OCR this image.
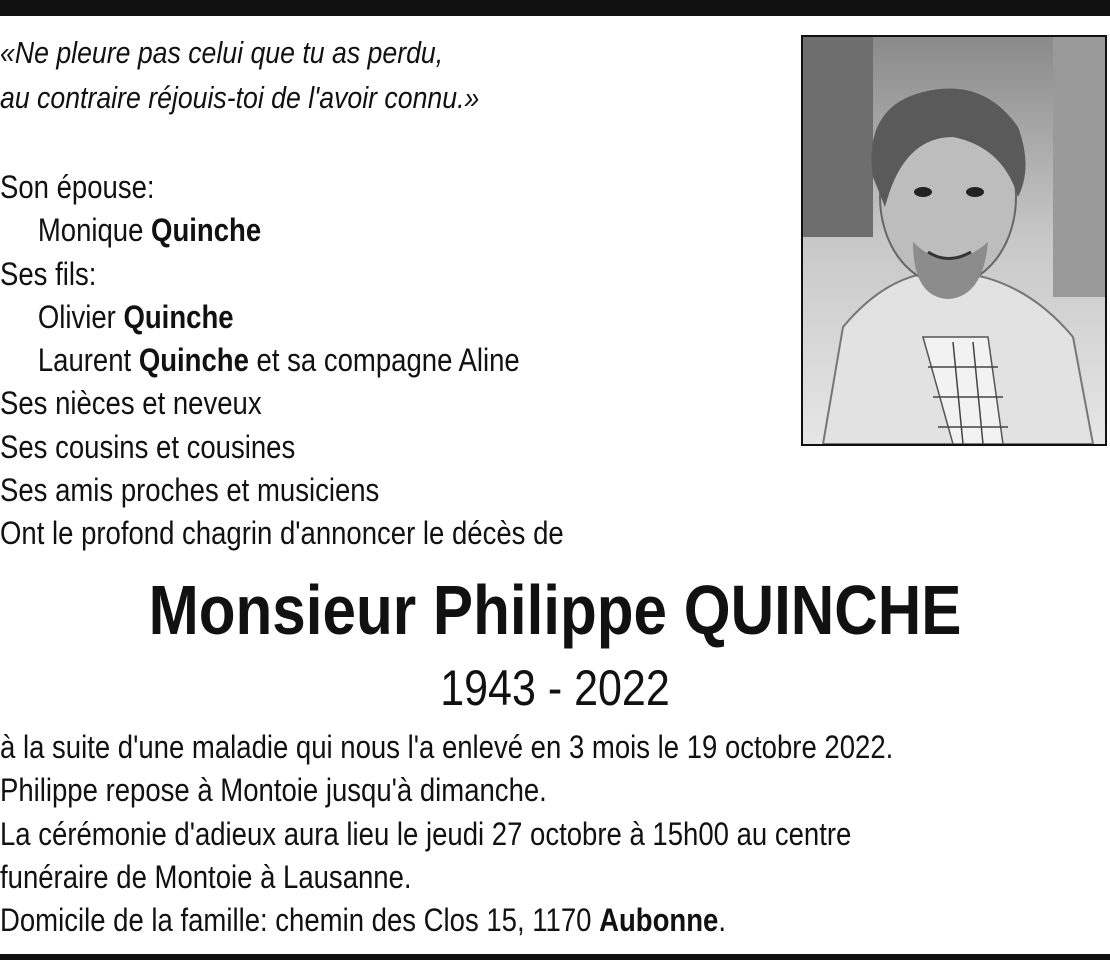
«Ne pleure pas celui que tu as perdu,
au contraire réjouis-toi de l'avoir connu.»
Son épouse:
Monique Quinche
Ses fils:
Olivier Quinche
Laurent Quinche et sa compagne Aline
Ses nièces et neveux
Ses cousins et cousines
Ses amis proches et musiciens
Ont le profond chagrin d'annoncer le décès de
Monsieur Philippe QUINCHE
1943 - 2022
à la suite d'une maladie qui nous l'a enlevé en 3 mois le 19 octobre 2022.
Philippe repose à Montoie jusqu'à dimanche.
La cérémonie d'adieux aura lieu le jeudi 27 octobre à 15h00 au centre
funéraire de Montoie à Lausanne.
Domicile de la famille: chemin des Clos 15, 1170 Aubonne.
